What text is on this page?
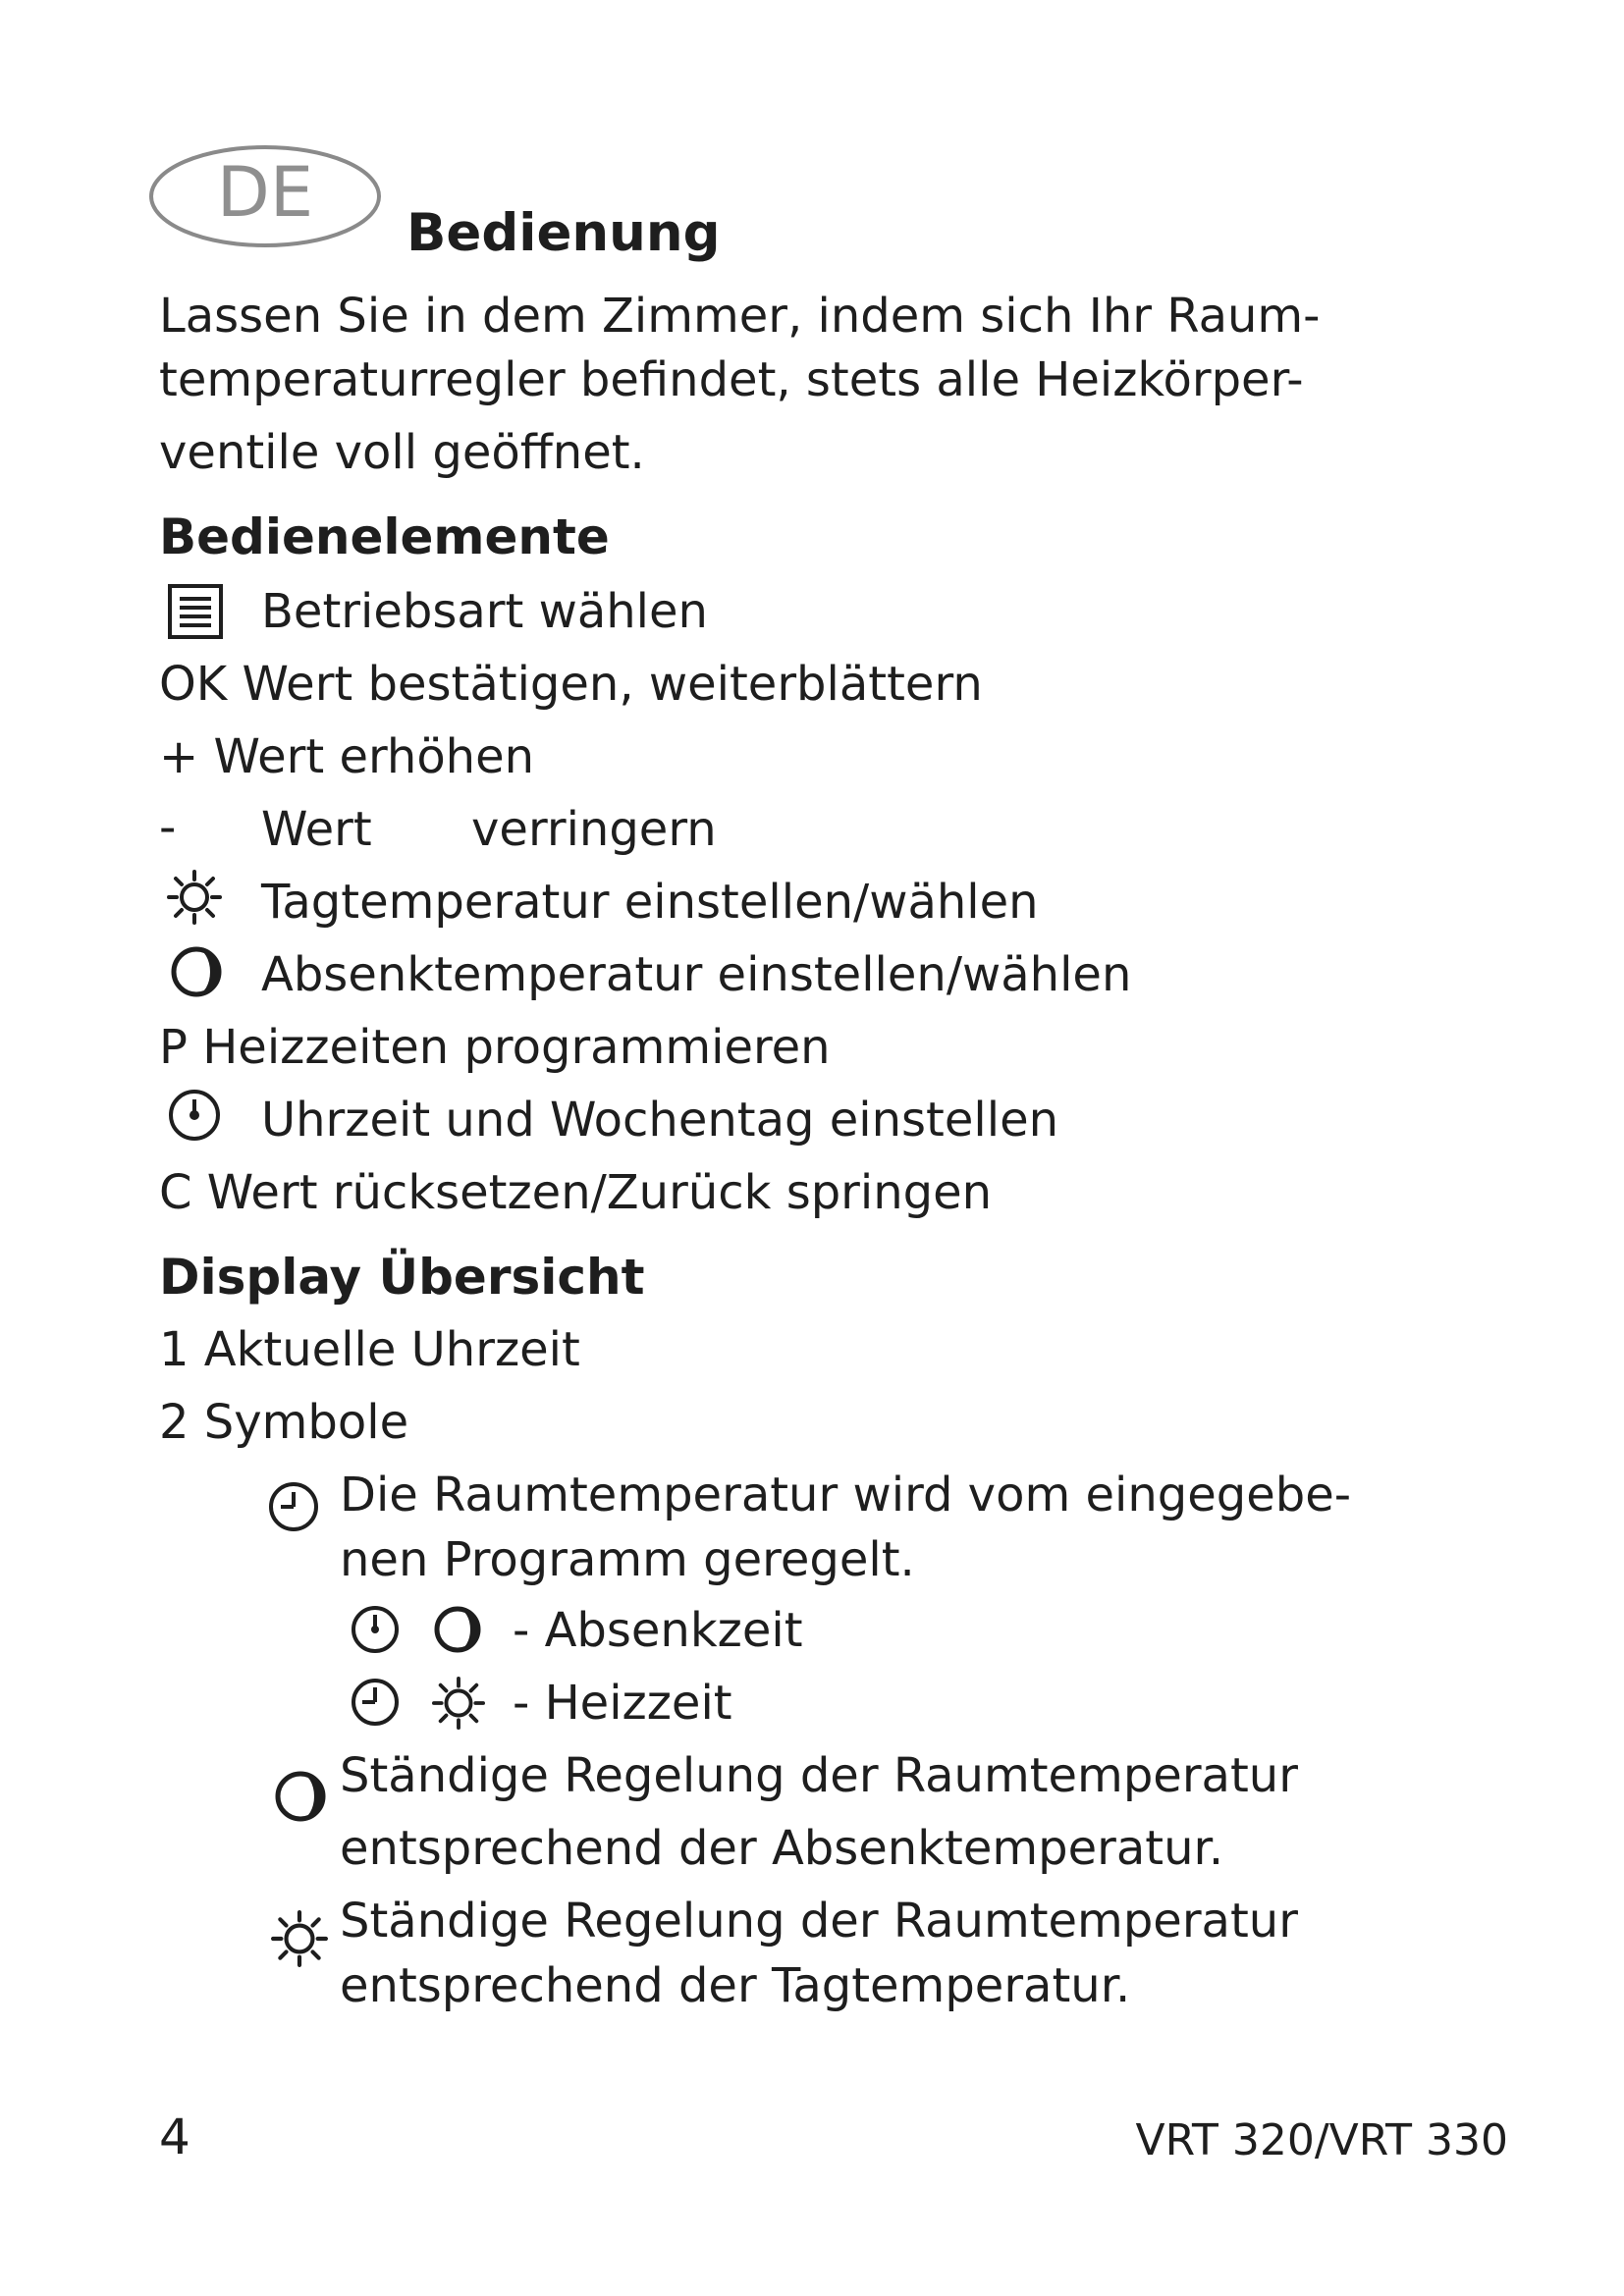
DE
Bedienung
Lassen Sie in dem Zimmer, indem sich Ihr Raum-
temperaturregler befindet, stets alle Heizkörper-
ventile voll geöffnet.
Bedienelemente
Betriebsart wählen
OK Wert bestätigen, weiterblättern
+ Wert erhöhen
- Wert verringern
Tagtemperatur einstellen/wählen
Absenktemperatur einstellen/wählen
P Heizzeiten programmieren
Uhrzeit und Wochentag einstellen
C Wert rücksetzen/Zurück springen
Display Übersicht
1 Aktuelle Uhrzeit
2 Symbole
Die Raumtemperatur wird vom eingegebe-
nen Programm geregelt.
- Absenkzeit
- Heizzeit
Ständige Regelung der Raumtemperatur
entsprechend der Absenktemperatur.
Ständige Regelung der Raumtemperatur
entsprechend der Tagtemperatur.
4	VRT 320/VRT 330
